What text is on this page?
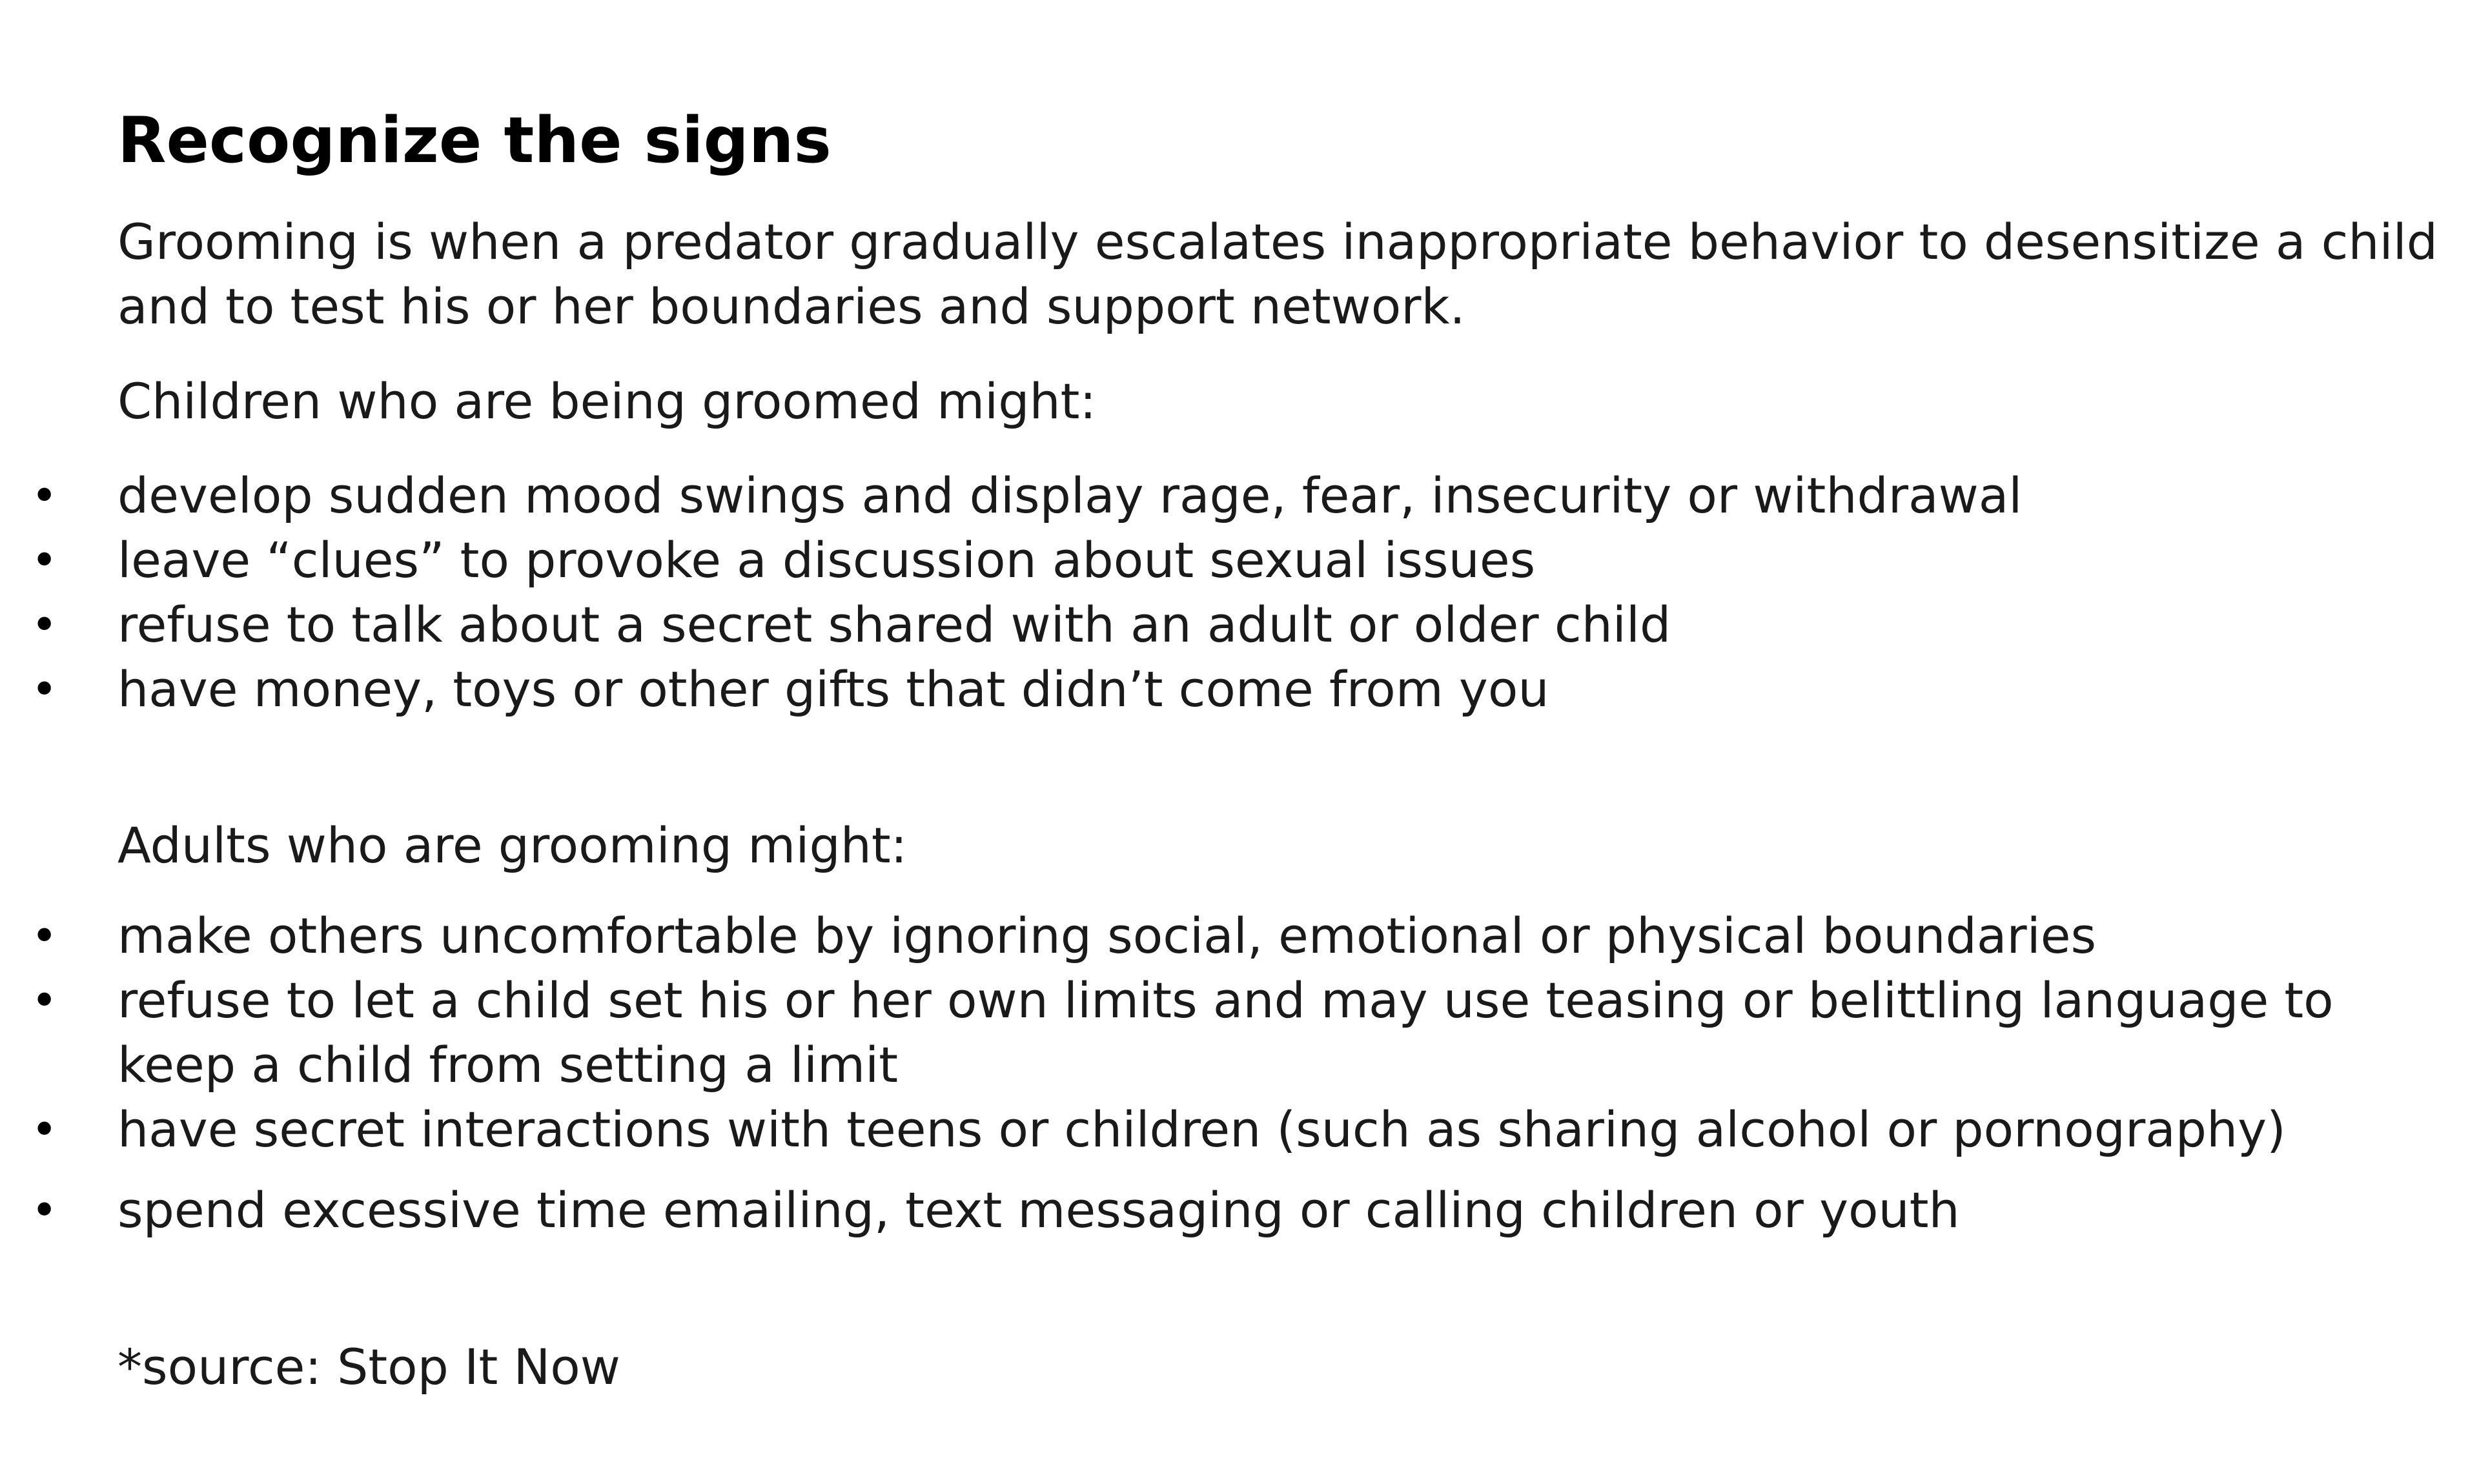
Recognize the signs

Grooming is when a predator gradually escalates inappropriate behavior to desensitize a child and to test his or her boundaries and support network.

Children who are being groomed might:

• develop sudden mood swings and display rage, fear, insecurity or withdrawal
• leave “clues” to provoke a discussion about sexual issues
• refuse to talk about a secret shared with an adult or older child
• have money, toys or other gifts that didn’t come from you

Adults who are grooming might:

• make others uncomfortable by ignoring social, emotional or physical boundaries
• refuse to let a child set his or her own limits and may use teasing or belittling language to keep a child from setting a limit
• have secret interactions with teens or children (such as sharing alcohol or pornography)
• spend excessive time emailing, text messaging or calling children or youth

*source: Stop It Now
